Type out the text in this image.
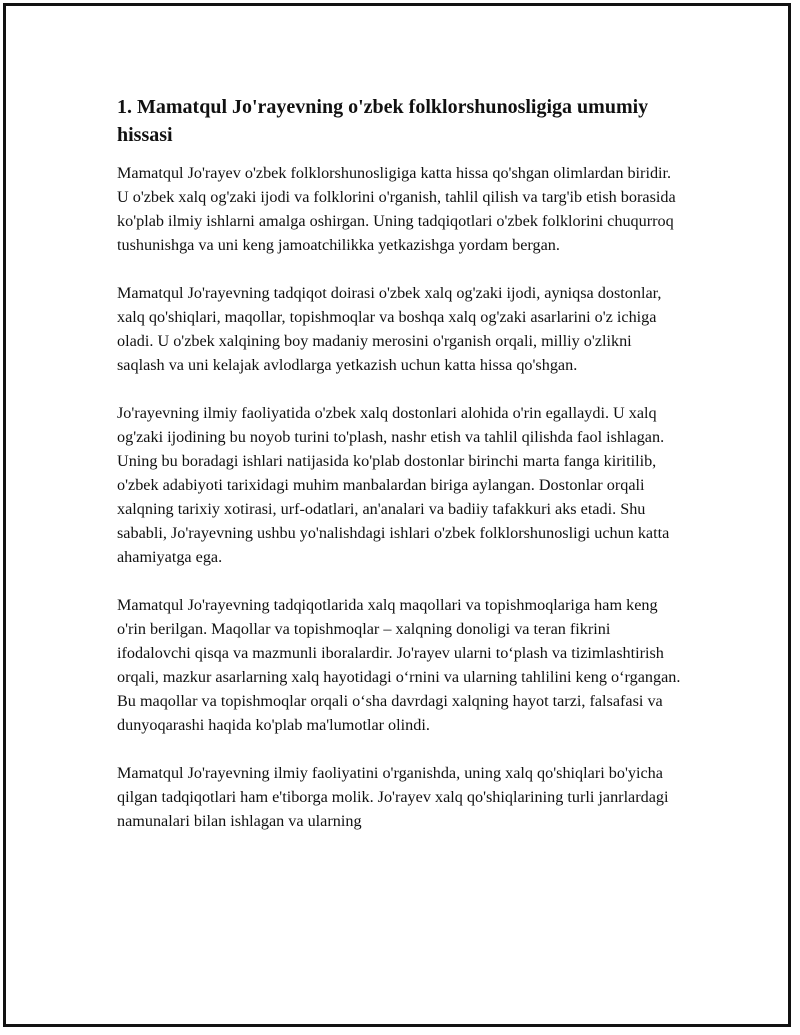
1. Mamatqul Jo'rayevning o'zbek folklorshunosligiga umumiy hissasi

Mamatqul Jo'rayev o'zbek folklorshunosligiga katta hissa qo'shgan olimlardan biridir. U o'zbek xalq og'zaki ijodi va folklorini o'rganish, tahlil qilish va targ'ib etish borasida ko'plab ilmiy ishlarni amalga oshirgan. Uning tadqiqotlari o'zbek folklorini chuqurroq tushunishga va uni keng jamoatchilikka yetkazishga yordam bergan.

Mamatqul Jo'rayevning tadqiqot doirasi o'zbek xalq og'zaki ijodi, ayniqsa dostonlar, xalq qo'shiqlari, maqollar, topishmoqlar va boshqa xalq og'zaki asarlarini o'z ichiga oladi. U o'zbek xalqining boy madaniy merosini o'rganish orqali, milliy o'zlikni saqlash va uni kelajak avlodlarga yetkazish uchun katta hissa qo'shgan.

Jo'rayevning ilmiy faoliyatida o'zbek xalq dostonlari alohida o'rin egallaydi. U xalq og'zaki ijodining bu noyob turini to'plash, nashr etish va tahlil qilishda faol ishlagan. Uning bu boradagi ishlari natijasida ko'plab dostonlar birinchi marta fanga kiritilib, o'zbek adabiyoti tarixidagi muhim manbalardan biriga aylangan. Dostonlar orqali xalqning tarixiy xotirasi, urf-odatlari, an'analari va badiiy tafakkuri aks etadi. Shu sababli, Jo'rayevning ushbu yo'nalishdagi ishlari o'zbek folklorshunosligi uchun katta ahamiyatga ega.

Mamatqul Jo'rayevning tadqiqotlarida xalq maqollari va topishmoqlariga ham keng o'rin berilgan. Maqollar va topishmoqlar – xalqning donoligi va teran fikrini ifodalovchi qisqa va mazmunli iboralardir. Jo'rayev ularni to‘plash va tizimlashtirish orqali, mazkur asarlarning xalq hayotidagi o‘rnini va ularning tahlilini keng o‘rgangan. Bu maqollar va topishmoqlar orqali o‘sha davrdagi xalqning hayot tarzi, falsafasi va dunyoqarashi haqida ko'plab ma'lumotlar olindi.

Mamatqul Jo'rayevning ilmiy faoliyatini o'rganishda, uning xalq qo'shiqlari bo'yicha qilgan tadqiqotlari ham e'tiborga molik. Jo'rayev xalq qo'shiqlarining turli janrlardagi namunalari bilan ishlagan va ularning
